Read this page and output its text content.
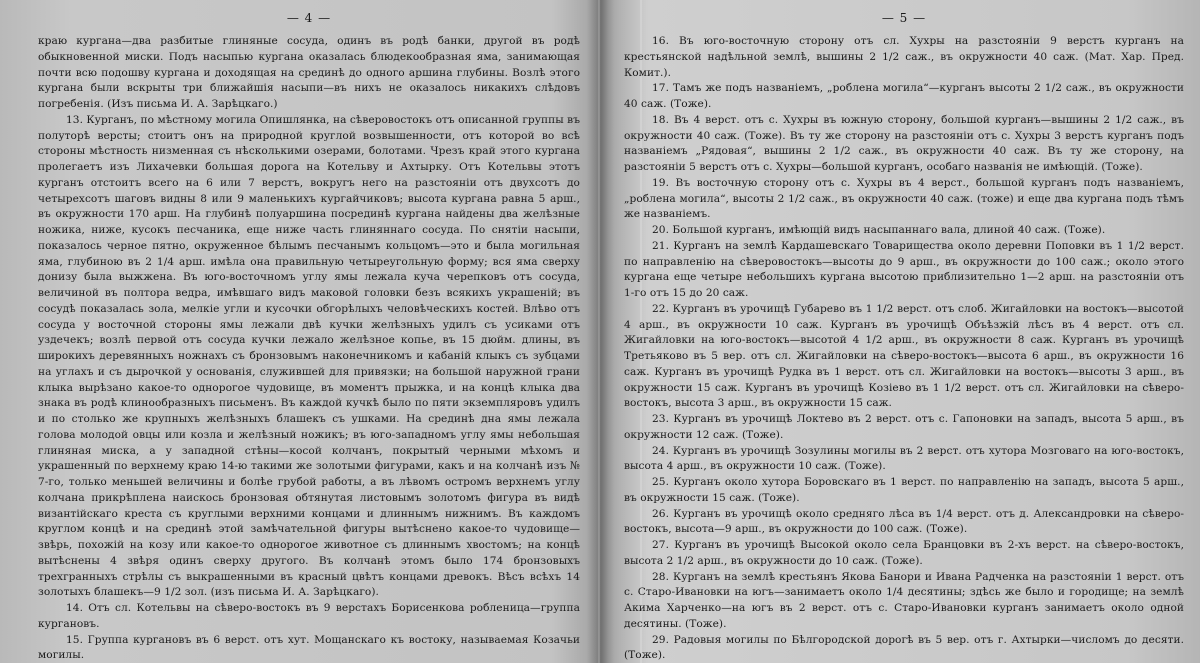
— 4 —

краю кургана—два разбитые глиняные сосуда, одинъ въ родѣ банки, другой въ родѣ обыкновенной миски. Подъ насыпью кургана оказалась блюдекообразная яма, занимающая почти всю подошву кургана и доходящая на срединѣ до одного аршина глубины. Возлѣ этого кургана были вскрыты три ближайшія насыпи—въ нихъ не оказалось никакихъ слѣдовъ погребенія. (Изъ письма И. А. Зарѣцкаго.)

13. Курганъ, по мѣстному могила Опишлянка, на сѣверовостокъ отъ описанной группы въ полуторѣ версты; стоитъ онъ на природной круглой возвышенности, отъ которой во всѣ стороны мѣстность низменная съ нѣсколькими озерами, болотами. Чрезъ край этого кургана пролегаетъ изъ Лихачевки большая дорога на Котельву и Ахтырку. Отъ Котельвы этотъ курганъ отстоитъ всего на 6 или 7 верстъ, вокругъ него на разстояніи отъ двухсотъ до четырехсотъ шаговъ видны 8 или 9 маленькихъ кургайчиковъ; высота кургана равна 5 арш., въ окружности 170 арш. На глубинѣ полуаршина посрединѣ кургана найдены два желѣзные ножика, ниже, кусокъ песчаника, еще ниже часть глиняннаго сосуда. По снятіи насыпи, показалось черное пятно, окруженное бѣлымъ песчанымъ кольцомъ—это и была могильная яма, глубиною въ 2 1/4 арш. имѣла она правильную четыреугольную форму; вся яма сверху донизу была выжжена. Въ юго-восточномъ углу ямы лежала куча черепковъ отъ сосуда, величиной въ полторa ведра, имѣвшаго видъ маковой головки безъ всякихъ украшеній; въ сосудѣ показалась зола, мелкіе угли и кусочки обгорѣлыхъ человѣческихъ костей. Влѣво отъ сосуда у восточной стороны ямы лежали двѣ кучки желѣзныхъ удилъ съ усиками отъ уздечекъ; возлѣ первой отъ сосуда кучки лежало желѣзное копье, въ 15 дюйм. длины, въ широкихъ деревянныхъ ножнахъ съ бронзовымъ наконечникомъ и кабаній клыкъ съ зубцами на углахъ и съ дырочкой у основанія, служившей для привязки; на большой наружной грани клыка вырѣзано какое-то однорогое чудовище, въ моментъ прыжка, и на концѣ клыка два знака въ родѣ клинообразныхъ письменъ. Въ каждой кучкѣ было по пяти экземпляровъ удилъ и по столько же крупныхъ желѣзныхъ блашекъ съ ушками. На срединѣ дна ямы лежала голова молодой овцы или козла и желѣзный ножикъ; въ юго-западномъ углу ямы небольшая глиняная миска, а у западной стѣны—косой колчанъ, покрытый черными мѣхомъ и украшенный по верхнему краю 14-ю такими же золотыми фигурами, какъ и на колчанѣ изъ № 7-го, только меньшей величины и болѣе грубой работы, а въ лѣвомъ остромъ верхнемъ углу колчана прикрѣплена наискось бронзовая обтянутая листовымъ золотомъ фигура въ видѣ византійскаго креста съ круглыми верхними концами и длиннымъ нижнимъ. Въ каждомъ круглом концѣ и на срединѣ этой замѣчательной фигуры вытѣснено какое-то чудовище—звѣрь, похожій на козу или какое-то однорогое животное съ длиннымъ хвостомъ; на концѣ вытѣснены 4 звѣря одинъ сверху другого. Въ колчанѣ этомъ было 174 бронзовыхъ трехгранныхъ стрѣлы съ выкрашенными въ красный цвѣтъ концами древокъ. Вѣсъ всѣхъ 14 золотыхъ блашекъ—9 1/2 зол. (изъ письма И. А. Зарѣцкаго).

14. Отъ сл. Котельвы на сѣверо-востокъ въ 9 верстахъ Борисенкова робленица—группа кургановъ.

15. Группа кургановъ въ 6 верст. отъ хут. Мощанскаго къ востоку, называемая Козачьи могилы.

— 5 —

16. Въ юго-восточную сторону отъ сл. Хухры на разстояніи 9 верстъ курганъ на крестьянской надѣльной землѣ, вышины 2 1/2 саж., въ окружности 40 саж. (Мат. Хар. Пред. Комит.).

17. Тамъ же подъ названіемъ, „роблена могила“—курганъ высоты 2 1/2 саж., въ окружности 40 саж. (Тоже).

18. Въ 4 верст. отъ с. Хухры въ южную сторону, большой курганъ—вышины 2 1/2 саж., въ окружности 40 саж. (Тоже). Въ ту же сторону на разстояніи отъ с. Хухры 3 верстъ курганъ подъ названіемъ „Рядовая“, вышины 2 1/2 саж., въ окружности 40 саж. Въ ту же сторону, на разстояніи 5 верстъ отъ с. Хухры—большой курганъ, особаго названія не имѣющій. (Тоже).

19. Въ восточную сторону отъ с. Хухры въ 4 верст., большой курганъ подъ названіемъ, „роблена могила“, высоты 2 1/2 саж., въ окружности 40 саж. (тоже) и еще два кургана подъ тѣмъ же названіемъ.

20. Большой курганъ, имѣющій видъ насыпаннаго вала, длиной 40 саж. (Тоже).

21. Курганъ на землѣ Кардашевскаго Товарищества около деревни Поповки въ 1 1/2 верст. по направленію на сѣверовостокъ—высоты до 9 арш., въ окружности до 100 саж.; около этого кургана еще четыре небольшихъ кургана высотою приблизительно 1—2 арш. на разстояніи отъ 1-го отъ 15 до 20 саж.

22. Курганъ въ урочищѣ Губарево въ 1 1/2 верст. отъ слоб. Жигайловки на востокъ—высотой 4 арш., въ окружности 10 саж. Курганъ въ урочищѣ Объѣзжій лѣсъ въ 4 верст. отъ сл. Жигайловки на юго-востокъ—высотой 4 1/2 арш., въ окружности 8 саж. Курганъ въ урочищѣ Третьяково въ 5 вер. отъ сл. Жигайловки на сѣверо-востокъ—высота 6 арш., въ окружности 16 саж. Курганъ въ урочищѣ Рудка въ 1 верст. отъ сл. Жигайловки на востокъ—высоты 3 арш., въ окружности 15 саж. Курганъ въ урочищѣ Козіево въ 1 1/2 верст. отъ сл. Жигайловки на сѣверо-востокъ, высота 3 арш., въ окружности 15 саж.

23. Курганъ въ урочищѣ Локтево въ 2 верст. отъ с. Гапоновки на западъ, высота 5 арш., въ окружности 12 саж. (Тоже).

24. Курганъ въ урочищѣ Зозулины могилы въ 2 верст. отъ хутора Мозговаго на юго-востокъ, высота 4 арш., въ окружности 10 саж. (Тоже).

25. Курганъ около хутора Боровскаго въ 1 верст. по направленію на западъ, высота 5 арш., въ окружности 15 саж. (Тоже).

26. Курганъ въ урочищѣ около средняго лѣса въ 1/4 верст. отъ д. Александровки на сѣверо-востокъ, высота—9 арш., въ окружности до 100 саж. (Тоже).

27. Курганъ въ урочищѣ Высокой около села Бранцовки въ 2-хъ верст. на сѣверо-востокъ, высота 2 1/2 арш., въ окружности до 10 саж. (Тоже).

28. Курганъ на землѣ крестьянъ Якова Банори и Ивана Радченка на разстояніи 1 верст. отъ с. Старо-Ивановки на югъ—занимаетъ около 1/4 десятины; здѣсь же было и городище; на землѣ Акима Харченко—на югъ въ 2 верст. отъ с. Старо-Ивановки курганъ занимаетъ около одной десятины. (Тоже).

29. Радовыя могилы по Бѣлгородской дорогѣ въ 5 вер. отъ г. Ахтырки—числомъ до десяти. (Тоже).
